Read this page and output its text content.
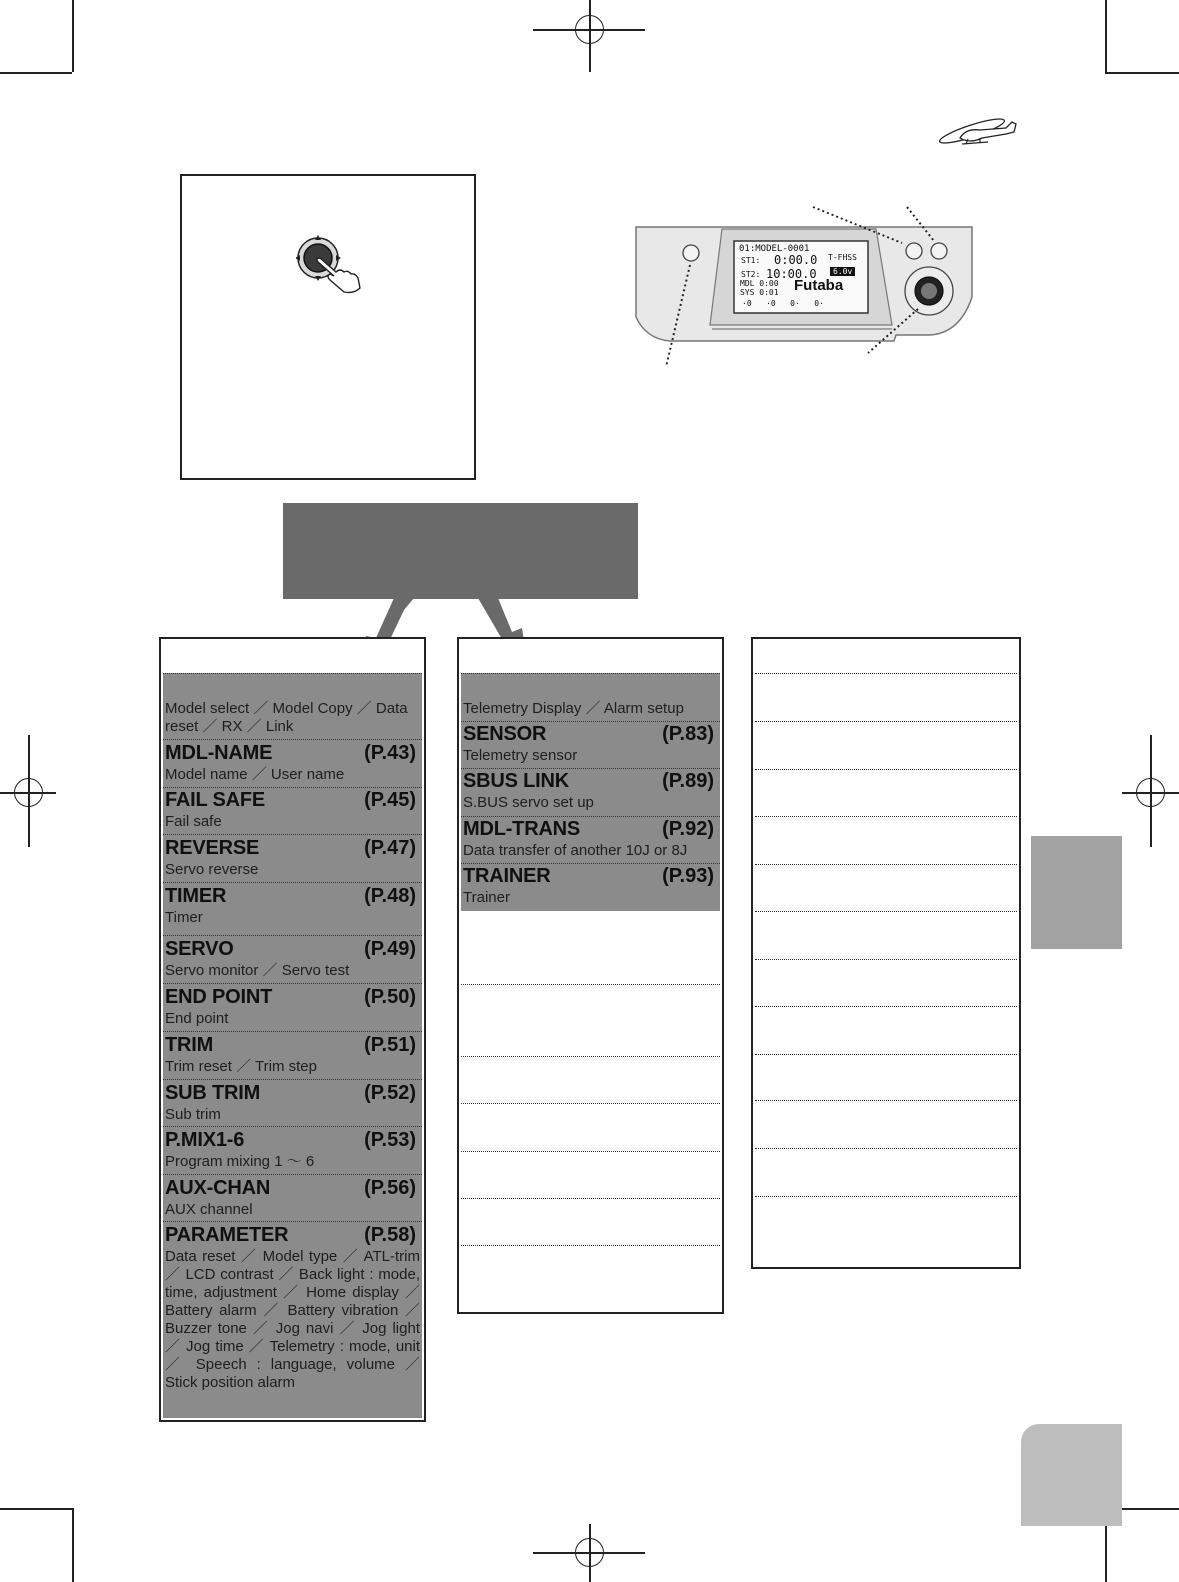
01:MODEL-0001
ST1: 0:00.0
ST2: 10:00.0
T-FHSS
6.0v
MDL 0:00
SYS 0:01 Futaba
·0   ·0   0·   0·
Model select ／ Model Copy ／ Data reset ／ RX ／ Link
MDL-NAME	(P.43)
Model name ／ User name
FAIL SAFE	(P.45)
Fail safe
REVERSE	(P.47)
Servo reverse
TIMER	(P.48)
Timer
SERVO	(P.49)
Servo monitor ／ Servo test
END POINT	(P.50)
End point
TRIM	(P.51)
Trim reset ／ Trim step
SUB TRIM	(P.52)
Sub trim
P.MIX1-6	(P.53)
Program mixing 1 ～ 6
AUX-CHAN	(P.56)
AUX channel
PARAMETER	(P.58)
Data reset ／ Model type ／ ATL-trim ／ LCD contrast ／ Back light : mode, time, adjustment ／ Home display ／ Battery alarm ／ Battery vibration ／ Buzzer tone ／ Jog navi ／ Jog light ／ Jog time ／ Telemetry : mode, unit ／ Speech : language, volume ／ Stick position alarm
Telemetry Display ／ Alarm setup
SENSOR	(P.83)
Telemetry sensor
SBUS LINK	(P.89)
S.BUS servo set up
MDL-TRANS	(P.92)
Data transfer of another 10J or 8J
TRAINER	(P.93)
Trainer
